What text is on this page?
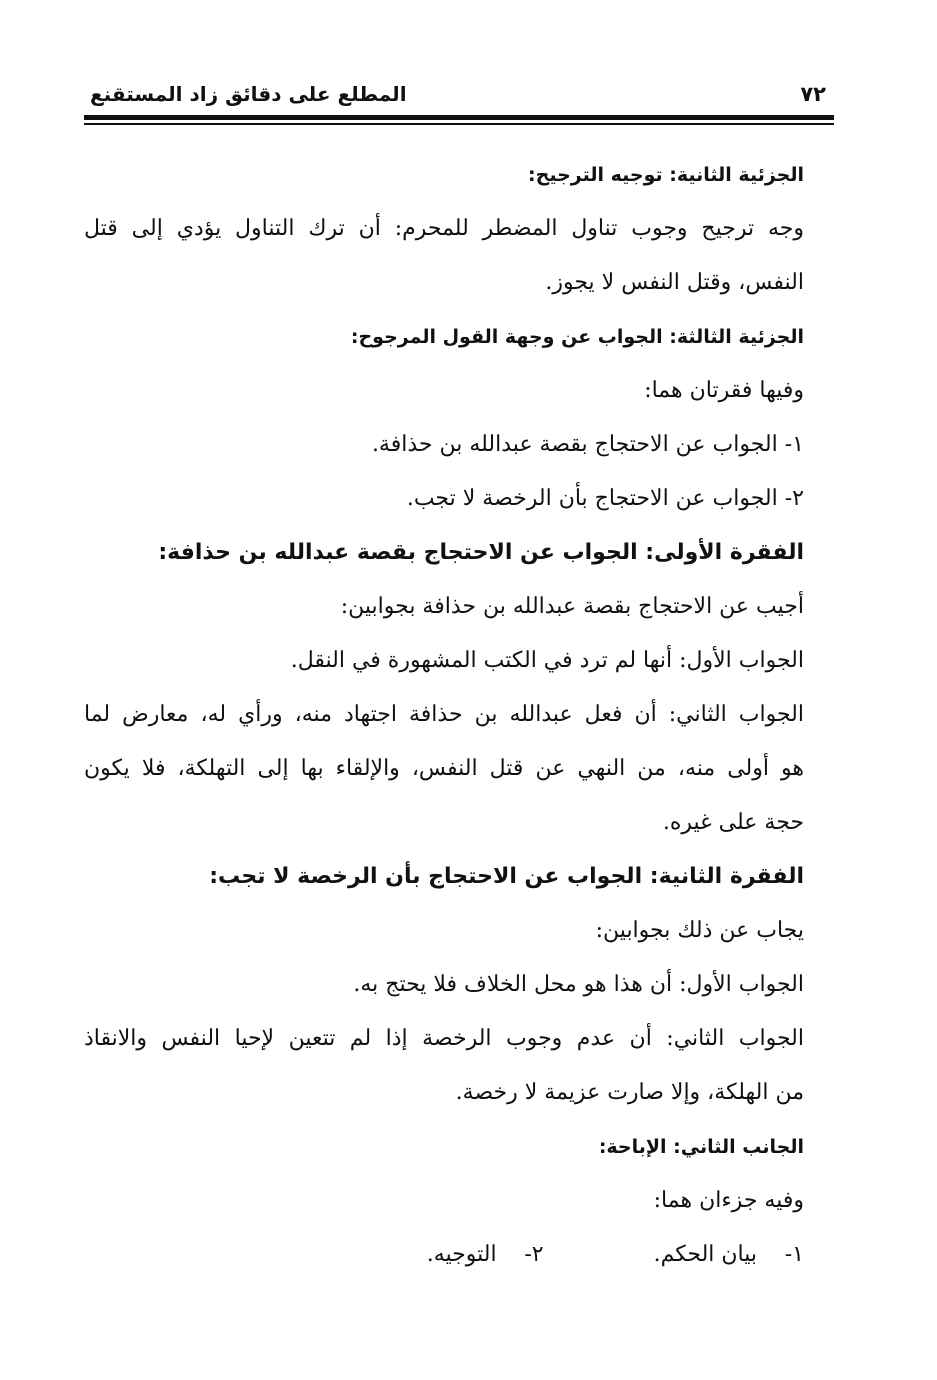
٧٢
المطلع على دقائق زاد المستقنع
الجزئية الثانية: توجيه الترجيح:
وجه ترجيح وجوب تناول المضطر للمحرم: أن ترك التناول يؤدي إلى قتل
النفس، وقتل النفس لا يجوز.
الجزئية الثالثة: الجواب عن وجهة القول المرجوح:
وفيها فقرتان هما:
١- الجواب عن الاحتجاج بقصة عبدالله بن حذافة.
٢- الجواب عن الاحتجاج بأن الرخصة لا تجب.
الفقرة الأولى: الجواب عن الاحتجاج بقصة عبدالله بن حذافة:
أجيب عن الاحتجاج بقصة عبدالله بن حذافة بجوابين:
الجواب الأول: أنها لم ترد في الكتب المشهورة في النقل.
الجواب الثاني: أن فعل عبدالله بن حذافة اجتهاد منه، ورأي له، معارض لما
هو أولى منه، من النهي عن قتل النفس، والإلقاء بها إلى التهلكة، فلا يكون
حجة على غيره.
الفقرة الثانية: الجواب عن الاحتجاج بأن الرخصة لا تجب:
يجاب عن ذلك بجوابين:
الجواب الأول: أن هذا هو محل الخلاف فلا يحتج به.
الجواب الثاني: أن عدم وجوب الرخصة إذا لم تتعين لإحيا النفس والانقاذ
من الهلكة، وإلا صارت عزيمة لا رخصة.
الجانب الثاني: الإباحة:
وفيه جزءان هما:
١- بيان الحكم.
٢- التوجيه.
